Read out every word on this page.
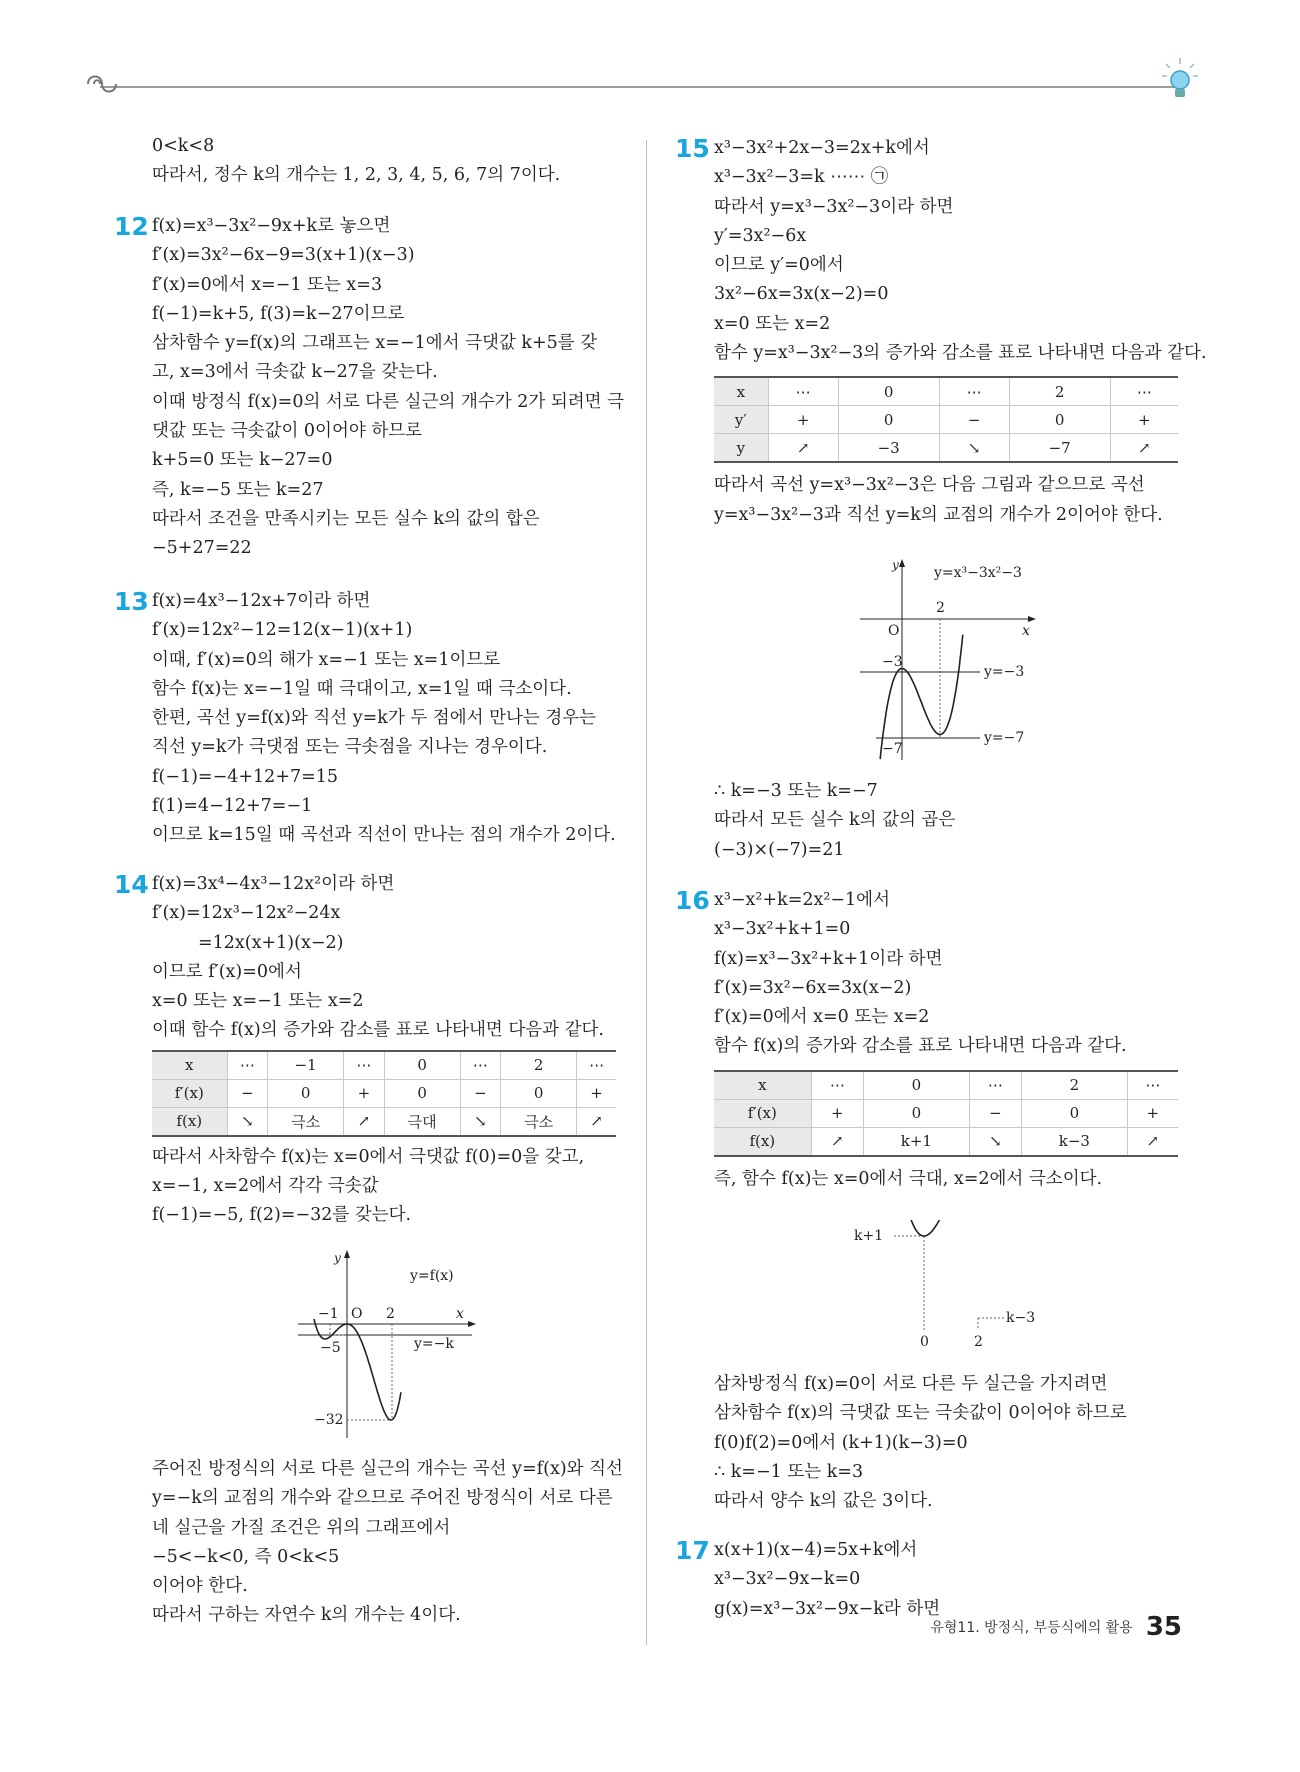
0<k<8
따라서, 정수 k의 개수는 1, 2, 3, 4, 5, 6, 7의 7이다.
12 f(x)=x³−3x²−9x+k로 놓으면
f′(x)=3x²−6x−9=3(x+1)(x−3)
f′(x)=0에서 x=−1 또는 x=3
f(−1)=k+5, f(3)=k−27이므로
삼차함수 y=f(x)의 그래프는 x=−1에서 극댓값 k+5를 갖
고, x=3에서 극솟값 k−27을 갖는다.
이때 방정식 f(x)=0의 서로 다른 실근의 개수가 2가 되려면 극
댓값 또는 극솟값이 0이어야 하므로
k+5=0 또는 k−27=0
즉, k=−5 또는 k=27
따라서 조건을 만족시키는 모든 실수 k의 값의 합은
−5+27=22
13 f(x)=4x³−12x+7이라 하면
f′(x)=12x²−12=12(x−1)(x+1)
이때, f′(x)=0의 해가 x=−1 또는 x=1이므로
함수 f(x)는 x=−1일 때 극대이고, x=1일 때 극소이다.
한편, 곡선 y=f(x)와 직선 y=k가 두 점에서 만나는 경우는
직선 y=k가 극댓점 또는 극솟점을 지나는 경우이다.
f(−1)=−4+12+7=15
f(1)=4−12+7=−1
이므로 k=15일 때 곡선과 직선이 만나는 점의 개수가 2이다.
14 f(x)=3x⁴−4x³−12x²이라 하면
f′(x)=12x³−12x²−24x
=12x(x+1)(x−2)
이므로 f′(x)=0에서
x=0 또는 x=−1 또는 x=2
이때 함수 f(x)의 증가와 감소를 표로 나타내면 다음과 같다.
x	⋯	−1	⋯	0	⋯	2	⋯
f′(x)	−	0	+	0	−	0	+
f(x)	↘	극소	↗	극대	↘	극소	↗
따라서 사차함수 f(x)는 x=0에서 극댓값 f(0)=0을 갖고,
x=−1, x=2에서 각각 극솟값
f(−1)=−5, f(2)=−32를 갖는다.
y
y=f(x)
−1 O 2	x
−5	y=−k
−32
주어진 방정식의 서로 다른 실근의 개수는 곡선 y=f(x)와 직선
y=−k의 교점의 개수와 같으므로 주어진 방정식이 서로 다른
네 실근을 가질 조건은 위의 그래프에서
−5<−k<0, 즉 0<k<5
이어야 한다.
따라서 구하는 자연수 k의 개수는 4이다.
15 x³−3x²+2x−3=2x+k에서
x³−3x²−3=k ⋯⋯ ㉠
따라서 y=x³−3x²−3이라 하면
y′=3x²−6x
이므로 y′=0에서
3x²−6x=3x(x−2)=0
x=0 또는 x=2
함수 y=x³−3x²−3의 증가와 감소를 표로 나타내면 다음과 같다.
x	⋯	0	⋯	2	⋯
y′	+	0	−	0	+
y	↗	−3	↘	−7	↗
따라서 곡선 y=x³−3x²−3은 다음 그림과 같으므로 곡선
y=x³−3x²−3과 직선 y=k의 교점의 개수가 2이어야 한다.
y	y=x³−3x²−3
2
O	x
−3
y=−3
y=−7
−7
∴ k=−3 또는 k=−7
따라서 모든 실수 k의 값의 곱은
(−3)×(−7)=21
16 x³−x²+k=2x²−1에서
x³−3x²+k+1=0
f(x)=x³−3x²+k+1이라 하면
f′(x)=3x²−6x=3x(x−2)
f′(x)=0에서 x=0 또는 x=2
함수 f(x)의 증가와 감소를 표로 나타내면 다음과 같다.
x	⋯	0	⋯	2	⋯
f′(x)	+	0	−	0	+
f(x)	↗	k+1	↘	k−3	↗
즉, 함수 f(x)는 x=0에서 극대, x=2에서 극소이다.
k+1
k−3
0	2
삼차방정식 f(x)=0이 서로 다른 두 실근을 가지려면
삼차함수 f(x)의 극댓값 또는 극솟값이 0이어야 하므로
f(0)f(2)=0에서 (k+1)(k−3)=0
∴ k=−1 또는 k=3
따라서 양수 k의 값은 3이다.
17 x(x+1)(x−4)=5x+k에서
x³−3x²−9x−k=0
g(x)=x³−3x²−9x−k라 하면
유형11. 방정식, 부등식에의 활용 35
